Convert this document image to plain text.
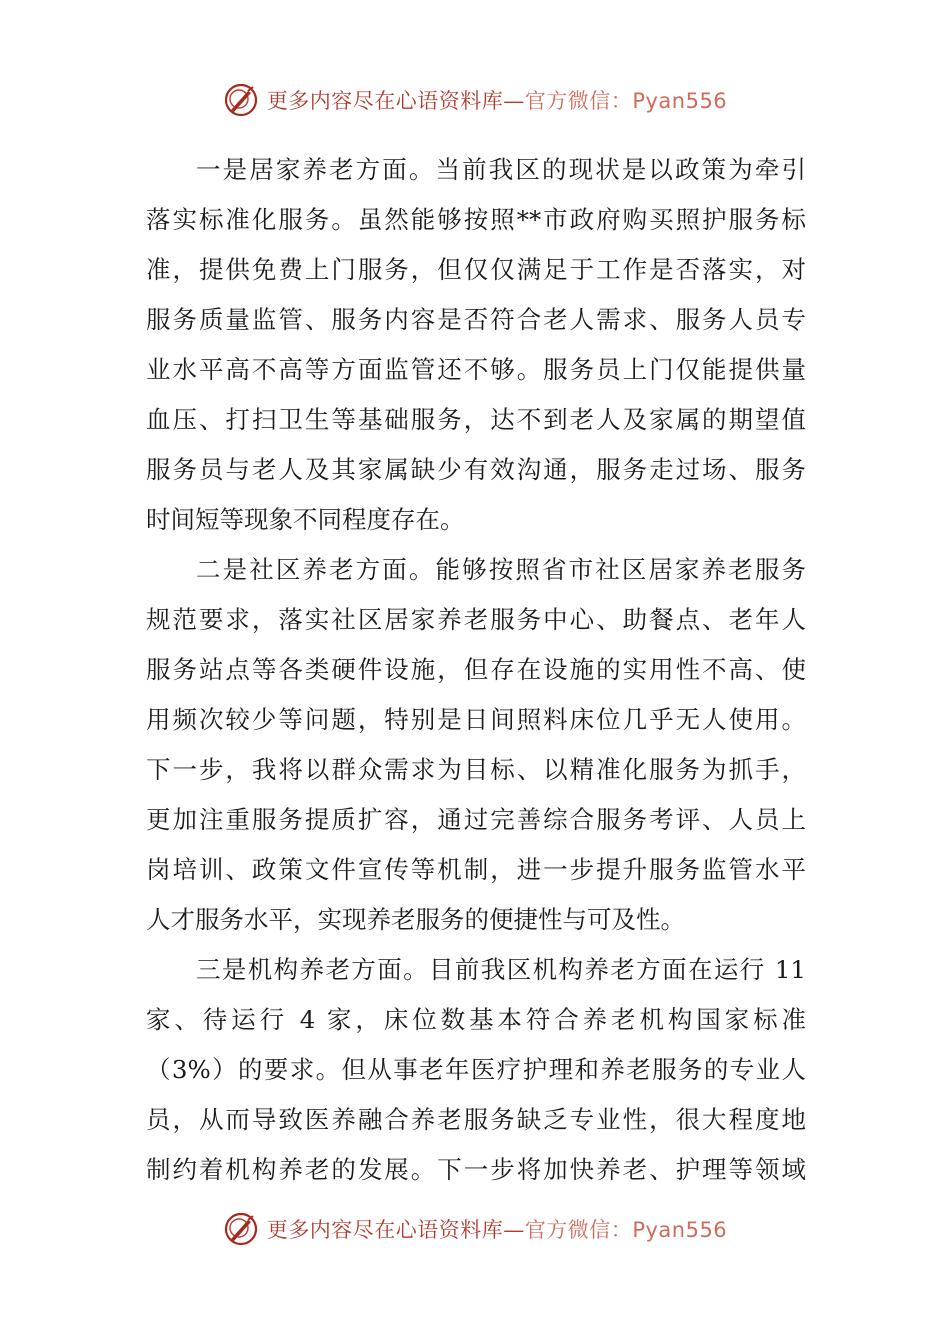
更多内容尽在心语资料库—官方微信：Pyan556
一是居家养老方面。当前我区的现状是以政策为牵引
落实标准化服务。虽然能够按照**市政府购买照护服务标
准，提供免费上门服务，但仅仅满足于工作是否落实，对
服务质量监管、服务内容是否符合老人需求、服务人员专
业水平高不高等方面监管还不够。服务员上门仅能提供量
血压、打扫卫生等基础服务，达不到老人及家属的期望值
服务员与老人及其家属缺少有效沟通，服务走过场、服务
时间短等现象不同程度存在。
二是社区养老方面。能够按照省市社区居家养老服务
规范要求，落实社区居家养老服务中心、助餐点、老年人
服务站点等各类硬件设施，但存在设施的实用性不高、使
用频次较少等问题，特别是日间照料床位几乎无人使用。
下一步，我将以群众需求为目标、以精准化服务为抓手，
更加注重服务提质扩容，通过完善综合服务考评、人员上
岗培训、政策文件宣传等机制，进一步提升服务监管水平
人才服务水平，实现养老服务的便捷性与可及性。
三是机构养老方面。目前我区机构养老方面在运行 11
家、待运行 4 家，床位数基本符合养老机构国家标准
（3%）的要求。但从事老年医疗护理和养老服务的专业人
员，从而导致医养融合养老服务缺乏专业性，很大程度地
制约着机构养老的发展。下一步将加快养老、护理等领域
更多内容尽在心语资料库—官方微信：Pyan556
